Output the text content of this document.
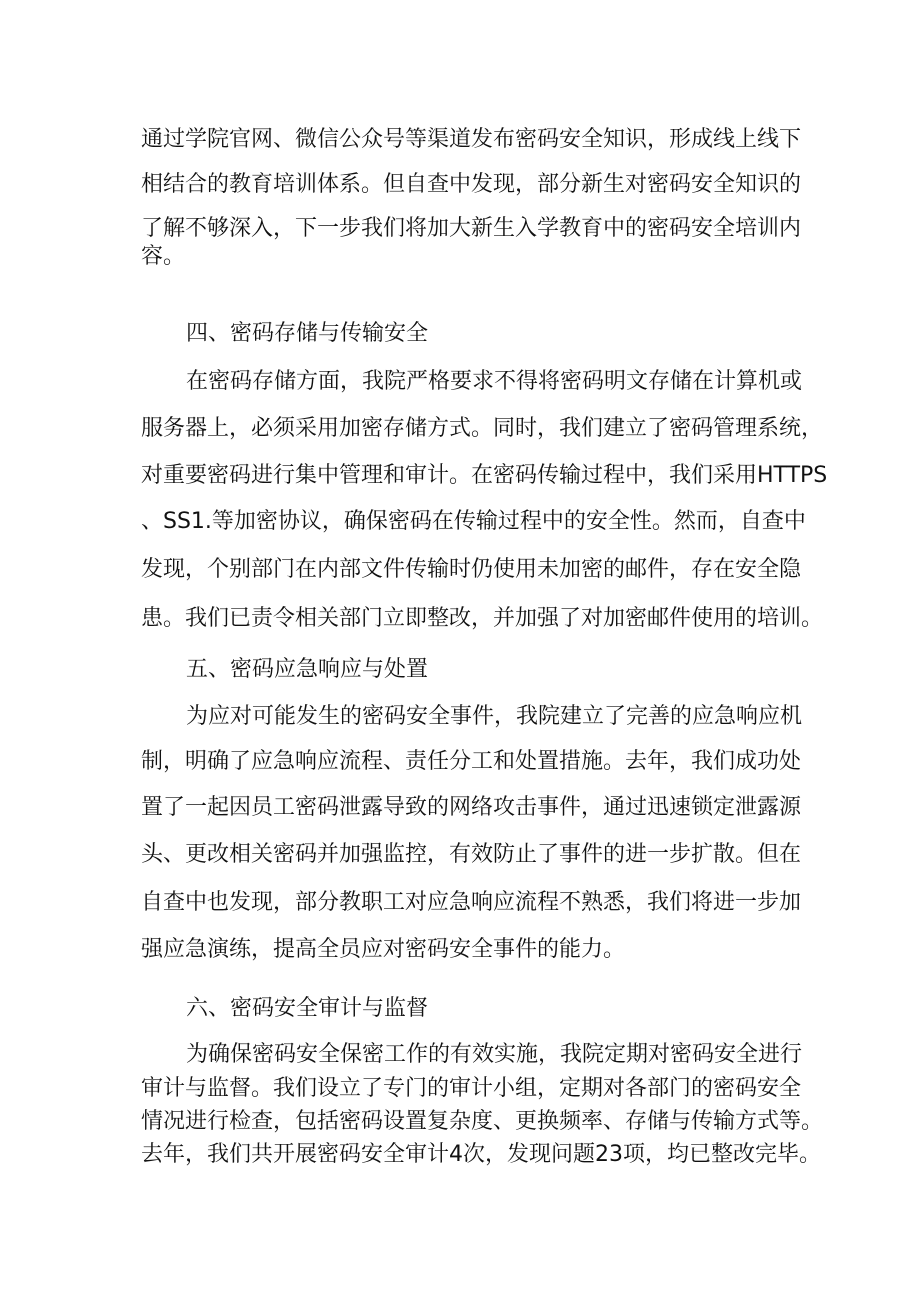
通过学院官网、微信公众号等渠道发布密码安全知识，形成线上线下

相结合的教育培训体系。但自查中发现，部分新生对密码安全知识的

了解不够深入，下一步我们将加大新生入学教育中的密码安全培训内

容。

四、密码存储与传输安全

在密码存储方面，我院严格要求不得将密码明文存储在计算机或

服务器上，必须采用加密存储方式。同时，我们建立了密码管理系统，

对重要密码进行集中管理和审计。在密码传输过程中，我们采用HTTPS

、SS1.等加密协议，确保密码在传输过程中的安全性。然而，自查中

发现，个别部门在内部文件传输时仍使用未加密的邮件，存在安全隐

患。我们已责令相关部门立即整改，并加强了对加密邮件使用的培训。

五、密码应急响应与处置

为应对可能发生的密码安全事件，我院建立了完善的应急响应机

制，明确了应急响应流程、责任分工和处置措施。去年，我们成功处

置了一起因员工密码泄露导致的网络攻击事件，通过迅速锁定泄露源

头、更改相关密码并加强监控，有效防止了事件的进一步扩散。但在

自查中也发现，部分教职工对应急响应流程不熟悉，我们将进一步加

强应急演练，提高全员应对密码安全事件的能力。

六、密码安全审计与监督

为确保密码安全保密工作的有效实施，我院定期对密码安全进行

审计与监督。我们设立了专门的审计小组，定期对各部门的密码安全

情况进行检查，包括密码设置复杂度、更换频率、存储与传输方式等。

去年，我们共开展密码安全审计4次，发现问题23项，均已整改完毕。
